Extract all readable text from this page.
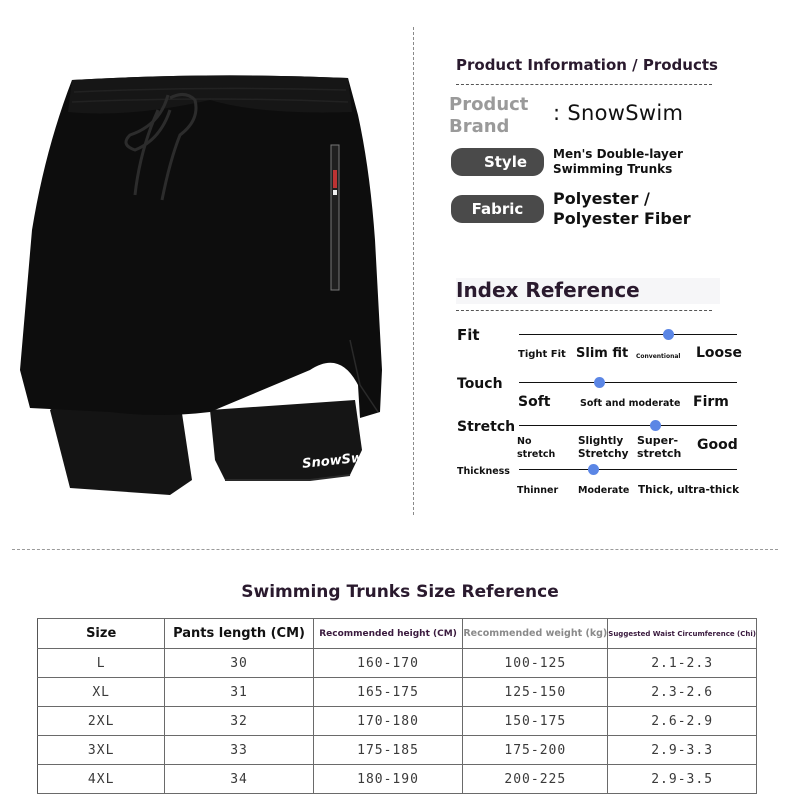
SnowSwim
Product Information / Products
Product
Brand
: SnowSwim
Style	Men's Double-layer
Swimming Trunks
Fabric
Polyester /
Polyester Fiber
Index Reference
Fit
Tight Fit Slim fit Conventional Loose
Touch
Soft	Soft and moderate Firm
Stretch
No
stretch
Slightly
Stretchy
Super-
stretch
Good
Thickness
Thinner Moderate Thick, ultra-thick
Swimming Trunks Size Reference
Size	Pants length (CM)	Recommended height (CM)	Recommended weight (kg)	Suggested Waist Circumference (Chi)
L	30	160-170	100-125	2.1-2.3
XL	31	165-175	125-150	2.3-2.6
2XL	32	170-180	150-175	2.6-2.9
3XL	33	175-185	175-200	2.9-3.3
4XL	34	180-190	200-225	2.9-3.5
